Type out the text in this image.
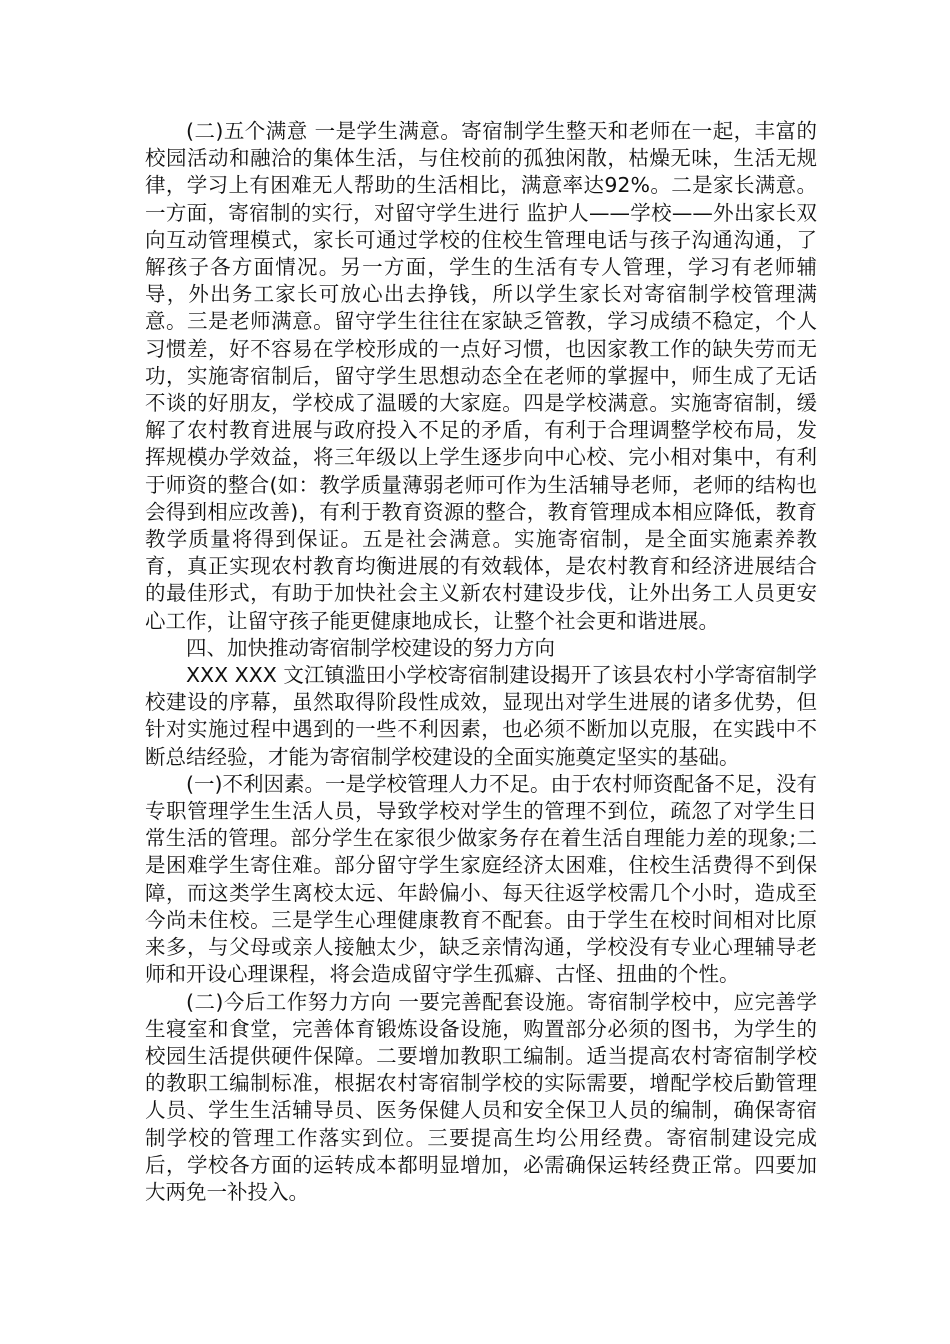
(二)五个满意 一是学生满意。寄宿制学生整天和老师在一起，丰富的校园活动和融洽的集体生活，与住校前的孤独闲散，枯燥无味，生活无规律，学习上有困难无人帮助的生活相比，满意率达92%。二是家长满意。一方面，寄宿制的实行，对留守学生进行 监护人——学校——外出家长双向互动管理模式，家长可通过学校的住校生管理电话与孩子沟通沟通，了解孩子各方面情况。另一方面，学生的生活有专人管理，学习有老师辅导，外出务工家长可放心出去挣钱，所以学生家长对寄宿制学校管理满意。三是老师满意。留守学生往往在家缺乏管教，学习成绩不稳定，个人习惯差，好不容易在学校形成的一点好习惯，也因家教工作的缺失劳而无功，实施寄宿制后，留守学生思想动态全在老师的掌握中，师生成了无话不谈的好朋友，学校成了温暖的大家庭。四是学校满意。实施寄宿制，缓解了农村教育进展与政府投入不足的矛盾，有利于合理调整学校布局，发挥规模办学效益，将三年级以上学生逐步向中心校、完小相对集中，有利于师资的整合(如：教学质量薄弱老师可作为生活辅导老师，老师的结构也会得到相应改善)，有利于教育资源的整合，教育管理成本相应降低，教育教学质量将得到保证。五是社会满意。实施寄宿制，是全面实施素养教育，真正实现农村教育均衡进展的有效载体，是农村教育和经济进展结合的最佳形式，有助于加快社会主义新农村建设步伐，让外出务工人员更安心工作，让留守孩子能更健康地成长，让整个社会更和谐进展。

四、加快推动寄宿制学校建设的努力方向

XXX XXX 文江镇滥田小学校寄宿制建设揭开了该县农村小学寄宿制学校建设的序幕，虽然取得阶段性成效，显现出对学生进展的诸多优势，但针对实施过程中遇到的一些不利因素，也必须不断加以克服，在实践中不断总结经验，才能为寄宿制学校建设的全面实施奠定坚实的基础。

(一)不利因素。一是学校管理人力不足。由于农村师资配备不足，没有专职管理学生生活人员，导致学校对学生的管理不到位，疏忽了对学生日常生活的管理。部分学生在家很少做家务存在着生活自理能力差的现象;二是困难学生寄住难。部分留守学生家庭经济太困难，住校生活费得不到保障，而这类学生离校太远、年龄偏小、每天往返学校需几个小时，造成至今尚未住校。三是学生心理健康教育不配套。由于学生在校时间相对比原来多，与父母或亲人接触太少，缺乏亲情沟通，学校没有专业心理辅导老师和开设心理课程，将会造成留守学生孤癖、古怪、扭曲的个性。

(二)今后工作努力方向 一要完善配套设施。寄宿制学校中，应完善学生寝室和食堂，完善体育锻炼设备设施，购置部分必须的图书，为学生的校园生活提供硬件保障。二要增加教职工编制。适当提高农村寄宿制学校的教职工编制标准，根据农村寄宿制学校的实际需要，增配学校后勤管理人员、学生生活辅导员、医务保健人员和安全保卫人员的编制，确保寄宿制学校的管理工作落实到位。三要提高生均公用经费。寄宿制建设完成后，学校各方面的运转成本都明显增加，必需确保运转经费正常。四要加大两免一补投入。
